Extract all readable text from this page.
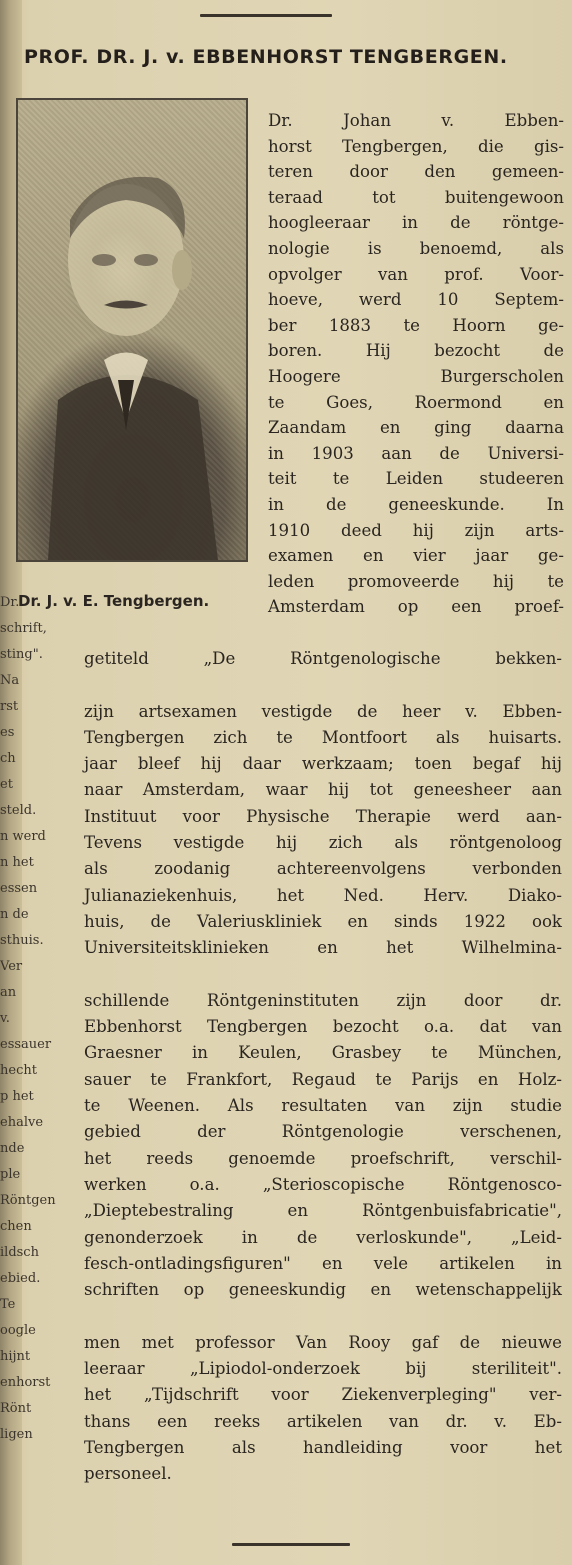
PROF. DR. J. v. EBBENHORST TENGBERGEN.
Dr. J. v. E. Tengbergen.
Dr. Johan v. Ebben-
horst Tengbergen, die gis-
teren door den gemeen-
teraad tot buitengewoon
hoogleeraar in de röntge-
nologie is benoemd, als
opvolger van prof. Voor-
hoeve, werd 10 Septem-
ber 1883 te Hoorn ge-
boren. Hij bezocht de
Hoogere Burgerscholen
te Goes, Roermond en
Zaandam en ging daarna
in 1903 aan de Universi-
teit te Leiden studeeren
in de geneeskunde. In
1910 deed hij zijn arts-
examen en vier jaar ge-
leden promoveerde hij te
Amsterdam op een proef-
getiteld „De Röntgenologische bekken-

zijn artsexamen vestigde de heer v. Ebben-
Tengbergen zich te Montfoort als huisarts.
jaar bleef hij daar werkzaam; toen begaf hij
naar Amsterdam, waar hij tot geneesheer aan
Instituut voor Physische Therapie werd aan-
Tevens vestigde hij zich als röntgenoloog
als zoodanig achtereenvolgens verbonden
Julianaziekenhuis, het Ned. Herv. Diako-
huis, de Valeriuskliniek en sinds 1922 ook
Universiteitsklinieken en het Wilhelmina-

schillende Röntgeninstituten zijn door dr.
Ebbenhorst Tengbergen bezocht o.a. dat van
Graesner in Keulen, Grasbey te München,
sauer te Frankfort, Regaud te Parijs en Holz-
te Weenen. Als resultaten van zijn studie
gebied der Röntgenologie verschenen,
het reeds genoemde proefschrift, verschil-
werken o.a. „Sterioscopische Röntgenosco-
„Dieptebestraling en Röntgenbuisfabricatie",
genonderzoek in de verloskunde", „Leid-
fesch-ontladingsfiguren" en vele artikelen in
schriften op geneeskundig en wetenschappelijk

men met professor Van Rooy gaf de nieuwe
leeraar „Lipiodol-onderzoek bij steriliteit".
het „Tijdschrift voor Ziekenverpleging" ver-
thans een reeks artikelen van dr. v. Eb-
Tengbergen als handleiding voor het
personeel.
Dr.
schrift,
sting".
Na
rst
es
ch
et
steld.
n werd
n het
essen
n de
sthuis.
Ver
an
v.
essauer
hecht
p het
ehalve
nde
ple
Röntgen
chen
ildsch
ebied.
Te
oogle
hijnt
enhorst
Rönt
ligen
